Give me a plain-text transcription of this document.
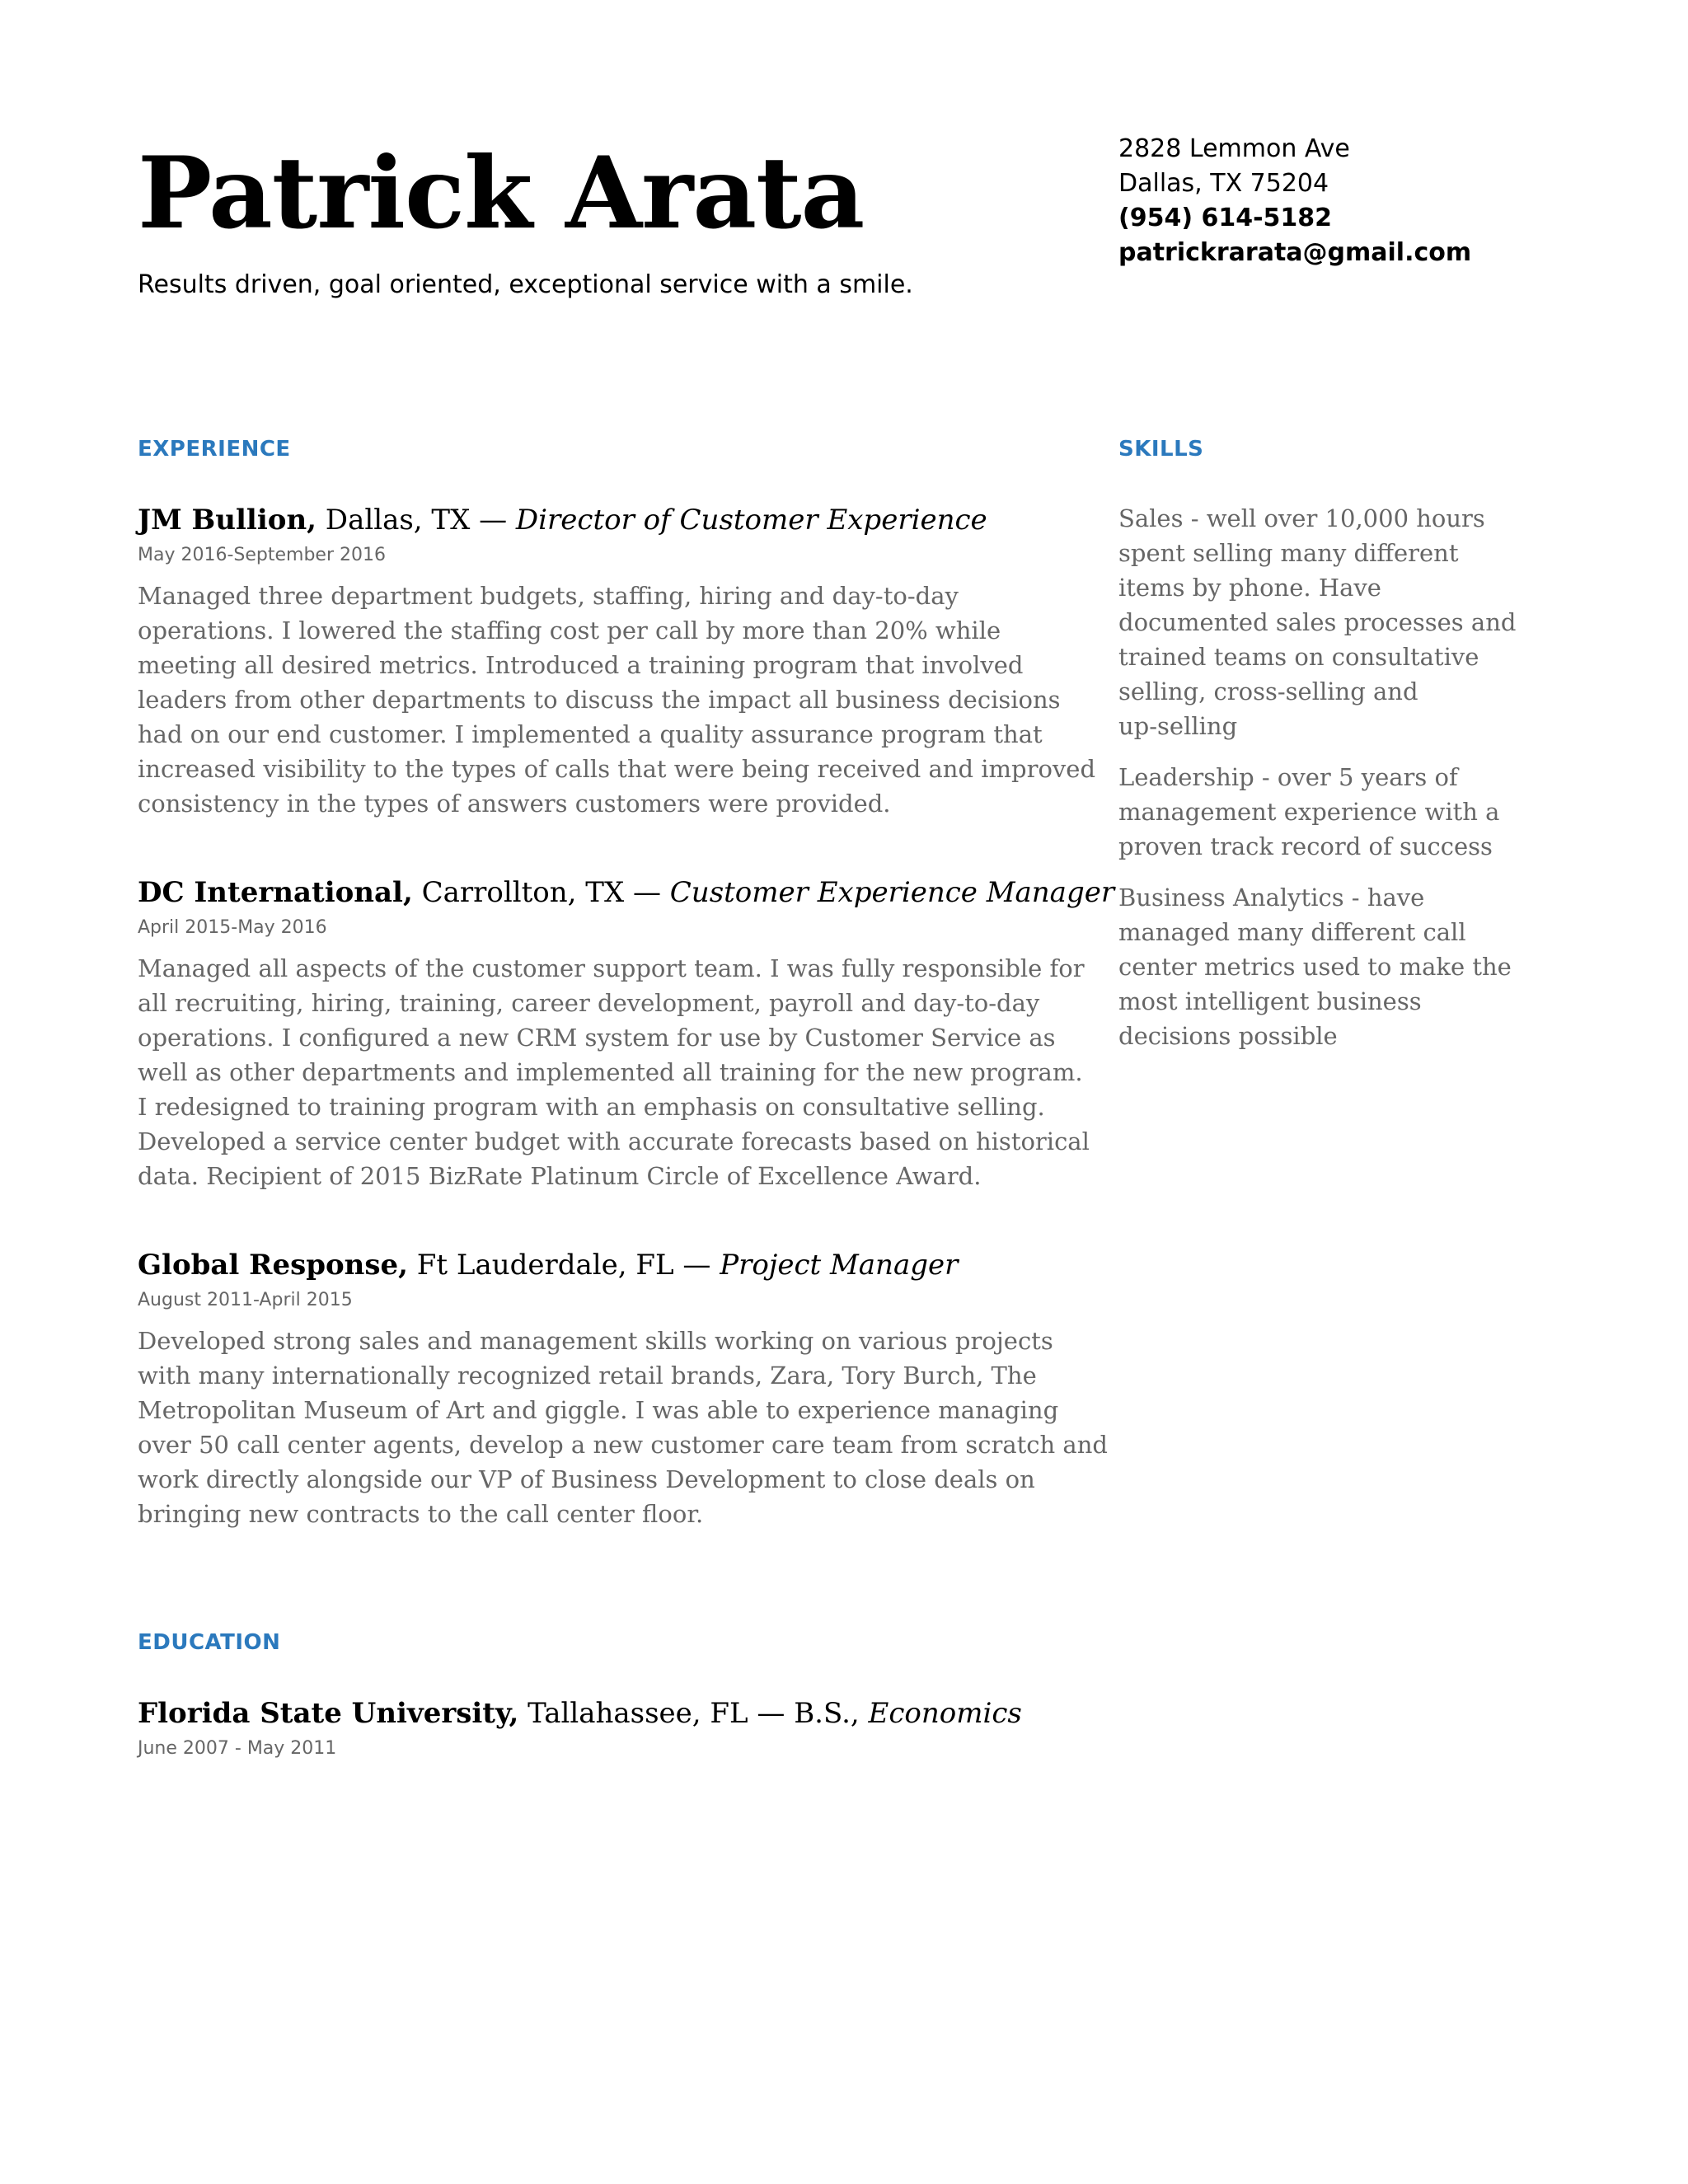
Patrick Arata
Results driven, goal oriented, exceptional service with a smile.
2828 Lemmon Ave
Dallas, TX 75204
(954) 614-5182
patrickrarata@gmail.com
EXPERIENCE
JM Bullion, Dallas, TX — Director of Customer Experience
May 2016-September 2016
Managed three department budgets, staffing, hiring and day-to-day
operations. I lowered the staffing cost per call by more than 20% while
meeting all desired metrics. Introduced a training program that involved
leaders from other departments to discuss the impact all business decisions
had on our end customer. I implemented a quality assurance program that
increased visibility to the types of calls that were being received and improved
consistency in the types of answers customers were provided.
DC International, Carrollton, TX — Customer Experience Manager
April 2015-May 2016
Managed all aspects of the customer support team. I was fully responsible for
all recruiting, hiring, training, career development, payroll and day-to-day
operations. I configured a new CRM system for use by Customer Service as
well as other departments and implemented all training for the new program.
I redesigned to training program with an emphasis on consultative selling.
Developed a service center budget with accurate forecasts based on historical
data. Recipient of 2015 BizRate Platinum Circle of Excellence Award.
Global Response, Ft Lauderdale, FL — Project Manager
August 2011-April 2015
Developed strong sales and management skills working on various projects
with many internationally recognized retail brands, Zara, Tory Burch, The
Metropolitan Museum of Art and giggle. I was able to experience managing
over 50 call center agents, develop a new customer care team from scratch and
work directly alongside our VP of Business Development to close deals on
bringing new contracts to the call center floor.
EDUCATION
Florida State University, Tallahassee, FL — B.S., Economics
June 2007 - May 2011
SKILLS
Sales - well over 10,000 hours
spent selling many different
items by phone. Have
documented sales processes and
trained teams on consultative
selling, cross-selling and
up-selling
Leadership - over 5 years of
management experience with a
proven track record of success
Business Analytics - have
managed many different call
center metrics used to make the
most intelligent business
decisions possible
